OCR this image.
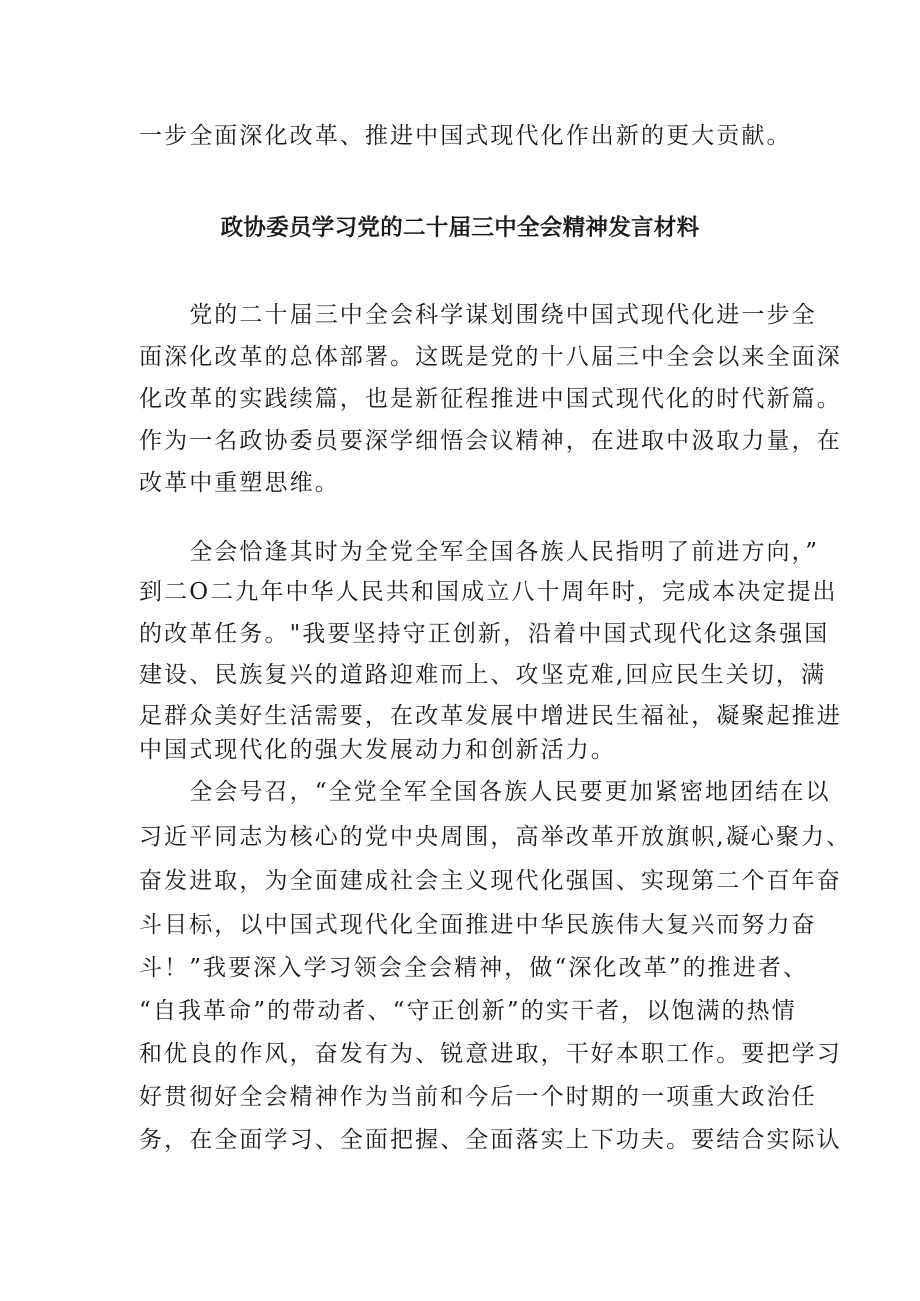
一步全面深化改革、推进中国式现代化作出新的更大贡献。
政协委员学习党的二十届三中全会精神发言材料
　　党的二十届三中全会科学谋划围绕中国式现代化进一步全
面深化改革的总体部署。这既是党的十八届三中全会以来全面深
化改革的实践续篇，也是新征程推进中国式现代化的时代新篇。
作为一名政协委员要深学细悟会议精神，在进取中汲取力量，在
改革中重塑思维。
　　全会恰逢其时为全党全军全国各族人民指明了前进方向，”
到二O二九年中华人民共和国成立八十周年时，完成本决定提出
的改革任务。"我要坚持守正创新，沿着中国式现代化这条强国
建设、民族复兴的道路迎难而上、攻坚克难,回应民生关切，满
足群众美好生活需要，在改革发展中增进民生福祉，凝聚起推进
中国式现代化的强大发展动力和创新活力。
　　全会号召，“全党全军全国各族人民要更加紧密地团结在以
习近平同志为核心的党中央周围，高举改革开放旗帜,凝心聚力、
奋发进取，为全面建成社会主义现代化强国、实现第二个百年奋
斗目标，以中国式现代化全面推进中华民族伟大复兴而努力奋
斗！”我要深入学习领会全会精神，做“深化改革”的推进者、
“自我革命”的带动者、“守正创新”的实干者，以饱满的热情
和优良的作风，奋发有为、锐意进取，干好本职工作。要把学习
好贯彻好全会精神作为当前和今后一个时期的一项重大政治任
务，在全面学习、全面把握、全面落实上下功夫。要结合实际认
